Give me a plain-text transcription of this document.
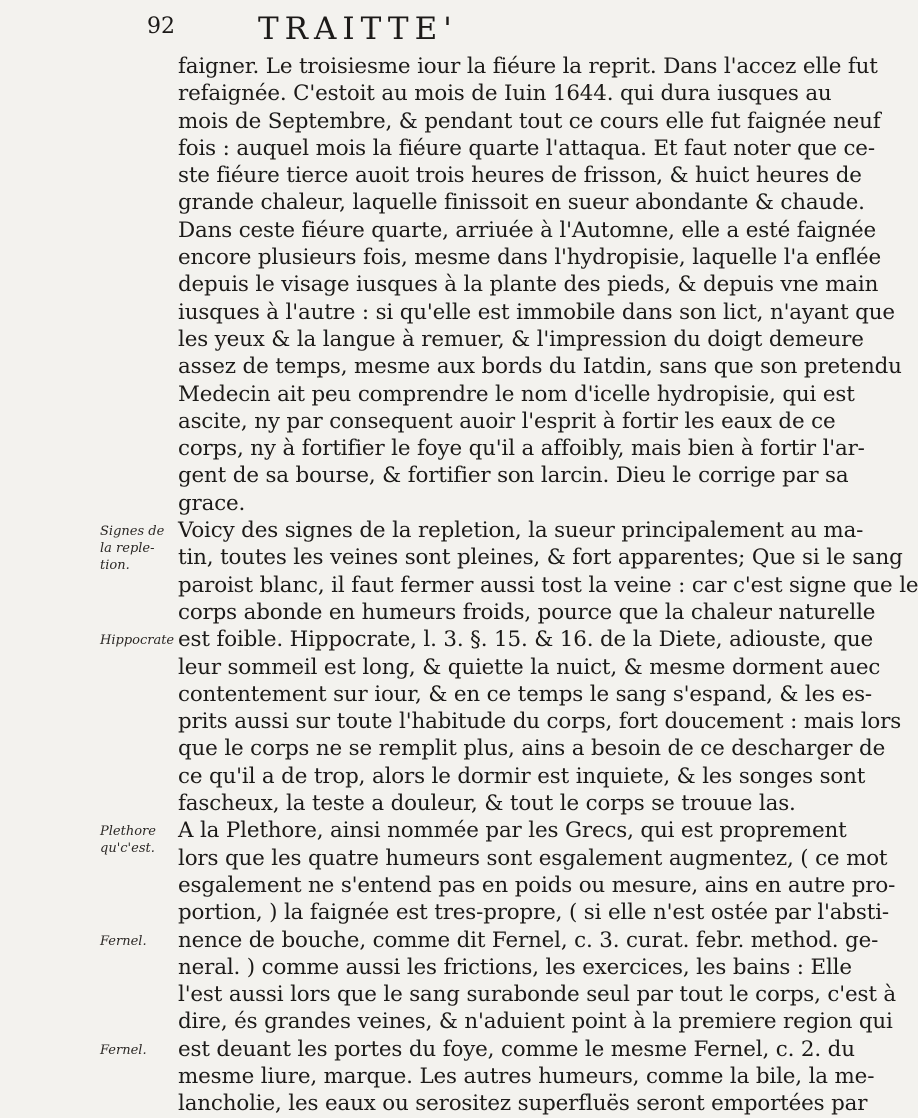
92	TRAITTE'
faigner. Le troisiesme iour la fiéure la reprit. Dans l'accez elle fut
refaignée. C'estoit au mois de Iuin 1644. qui dura iusques au
mois de Septembre, & pendant tout ce cours elle fut faignée neuf
fois : auquel mois la fiéure quarte l'attaqua. Et faut noter que ce-
ste fiéure tierce auoit trois heures de frisson, & huict heures de
grande chaleur, laquelle finissoit en sueur abondante & chaude.
Dans ceste fiéure quarte, arriuée à l'Automne, elle a esté faignée
encore plusieurs fois, mesme dans l'hydropisie, laquelle l'a enflée
depuis le visage iusques à la plante des pieds, & depuis vne main
iusques à l'autre : si qu'elle est immobile dans son lict, n'ayant que
les yeux & la langue à remuer, & l'impression du doigt demeure
assez de temps, mesme aux bords du Iatdin, sans que son pretendu
Medecin ait peu comprendre le nom d'icelle hydropisie, qui est
ascite, ny par consequent auoir l'esprit à fortir les eaux de ce
corps, ny à fortifier le foye qu'il a affoibly, mais bien à fortir l'ar-
gent de sa bourse, & fortifier son larcin. Dieu le corrige par sa
grace.
Voicy des signes de la repletion, la sueur principalement au ma-
tin, toutes les veines sont pleines, & fort apparentes; Que si le sang
paroist blanc, il faut fermer aussi tost la veine : car c'est signe que le
corps abonde en humeurs froids, pource que la chaleur naturelle
est foible. Hippocrate, l. 3. §. 15. & 16. de la Diete, adiouste, que
leur sommeil est long, & quiette la nuict, & mesme dorment auec
contentement sur iour, & en ce temps le sang s'espand, & les es-
prits aussi sur toute l'habitude du corps, fort doucement : mais lors
que le corps ne se remplit plus, ains a besoin de ce descharger de
ce qu'il a de trop, alors le dormir est inquiete, & les songes sont
fascheux, la teste a douleur, & tout le corps se trouue las.
A la Plethore, ainsi nommée par les Grecs, qui est proprement
lors que les quatre humeurs sont esgalement augmentez, ( ce mot
esgalement ne s'entend pas en poids ou mesure, ains en autre pro-
portion, ) la faignée est tres-propre, ( si elle n'est ostée par l'absti-
nence de bouche, comme dit Fernel, c. 3. curat. febr. method. ge-
neral. ) comme aussi les frictions, les exercices, les bains : Elle
l'est aussi lors que le sang surabonde seul par tout le corps, c'est à
dire, és grandes veines, & n'aduient point à la premiere region qui
est deuant les portes du foye, comme le mesme Fernel, c. 2. du
mesme liure, marque. Les autres humeurs, comme la bile, la me-
lancholie, les eaux ou serositez superfluës seront emportées par
Signes de la reple-tion.
Hippocrate
Plethore qu'c'est.
Fernel.
Fernel.
